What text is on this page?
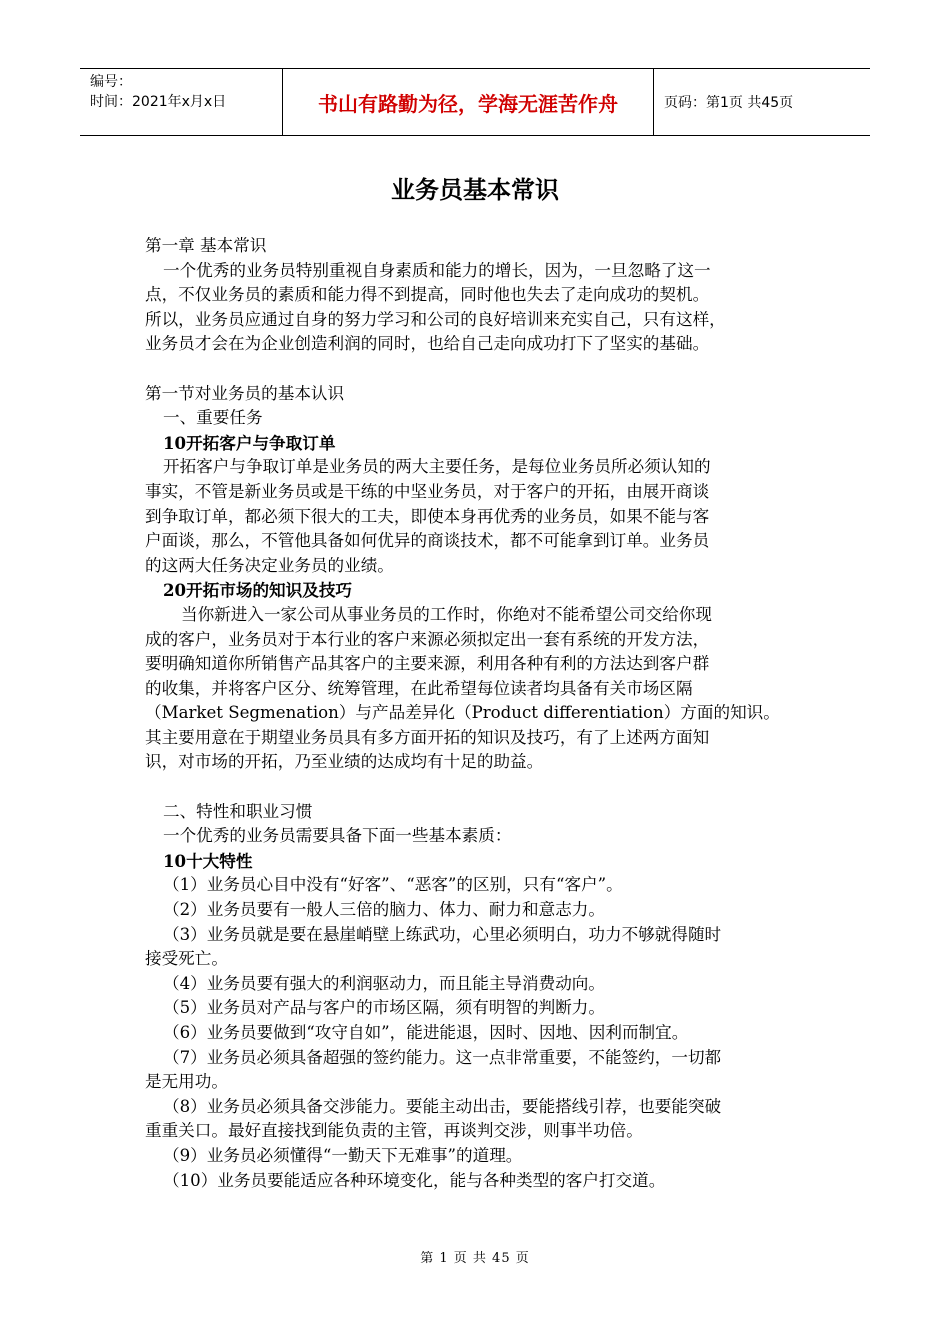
编号：
时间：2021年x月x日	书山有路勤为径，学海无涯苦作舟	页码：第1页 共45页
业务员基本常识

第一章 基本常识

一个优秀的业务员特别重视自身素质和能力的增长，因为，一旦忽略了这一

点，不仅业务员的素质和能力得不到提高，同时他也失去了走向成功的契机。

所以，业务员应通过自身的努力学习和公司的良好培训来充实自己，只有这样，

业务员才会在为企业创造利润的同时，也给自己走向成功打下了坚实的基础。

第一节对业务员的基本认识

一、重要任务

10开拓客户与争取订单

开拓客户与争取订单是业务员的两大主要任务，是每位业务员所必须认知的

事实，不管是新业务员或是干练的中坚业务员，对于客户的开拓，由展开商谈

到争取订单，都必须下很大的工夫，即使本身再优秀的业务员，如果不能与客

户面谈，那么，不管他具备如何优异的商谈技术，都不可能拿到订单。业务员

的这两大任务决定业务员的业绩。

20开拓市场的知识及技巧

当你新进入一家公司从事业务员的工作时，你绝对不能希望公司交给你现

成的客户，业务员对于本行业的客户来源必须拟定出一套有系统的开发方法，

要明确知道你所销售产品其客户的主要来源，利用各种有利的方法达到客户群

的收集，并将客户区分、统筹管理，在此希望每位读者均具备有关市场区隔

（Market Segmenation）与产品差异化（Product differentiation）方面的知识。

其主要用意在于期望业务员具有多方面开拓的知识及技巧，有了上述两方面知

识，对市场的开拓，乃至业绩的达成均有十足的助益。

二、特性和职业习惯

一个优秀的业务员需要具备下面一些基本素质：

10十大特性

（1）业务员心目中没有“好客”、“恶客”的区别，只有“客户”。

（2）业务员要有一般人三倍的脑力、体力、耐力和意志力。

（3）业务员就是要在悬崖峭壁上练武功，心里必须明白，功力不够就得随时

接受死亡。

（4）业务员要有强大的利润驱动力，而且能主导消费动向。

（5）业务员对产品与客户的市场区隔，须有明智的判断力。

（6）业务员要做到“攻守自如”，能进能退，因时、因地、因利而制宜。

（7）业务员必须具备超强的签约能力。这一点非常重要，不能签约，一切都

是无用功。

（8）业务员必须具备交涉能力。要能主动出击，要能搭线引荐，也要能突破

重重关口。最好直接找到能负责的主管，再谈判交涉，则事半功倍。

（9）业务员必须懂得“一勤天下无难事”的道理。

（10）业务员要能适应各种环境变化，能与各种类型的客户打交道。

第 1 页 共 45 页
